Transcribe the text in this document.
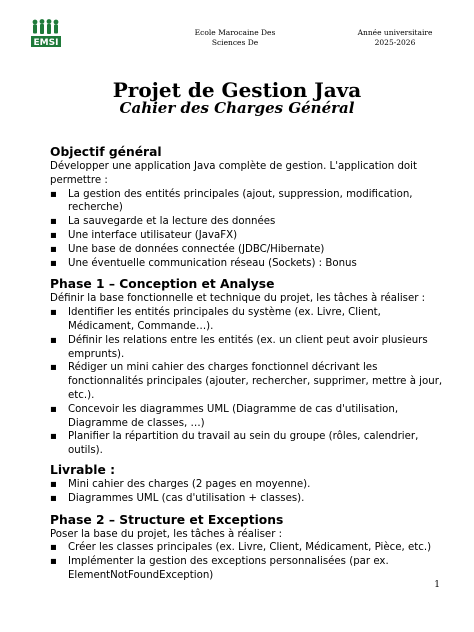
EMSI
Ecole Marocaine Des
Sciences De
Année universitaire
2025-2026
Projet de Gestion Java
Cahier des Charges Général
Objectif général
Développer une application Java complète de gestion. L'application doit permettre :
▪ La gestion des entités principales (ajout, suppression, modification, recherche)
▪ La sauvegarde et la lecture des données
▪ Une interface utilisateur (JavaFX)
▪ Une base de données connectée (JDBC/Hibernate)
▪ Une éventuelle communication réseau (Sockets) : Bonus
Phase 1 – Conception et Analyse
Définir la base fonctionnelle et technique du projet, les tâches à réaliser :
▪ Identifier les entités principales du système (ex. Livre, Client, Médicament, Commande…).
▪ Définir les relations entre les entités (ex. un client peut avoir plusieurs emprunts).
▪ Rédiger un mini cahier des charges fonctionnel décrivant les fonctionnalités principales (ajouter, rechercher, supprimer, mettre à jour, etc.).
▪ Concevoir les diagrammes UML (Diagramme de cas d'utilisation, Diagramme de classes, …)
▪ Planifier la répartition du travail au sein du groupe (rôles, calendrier, outils).
Livrable :
▪ Mini cahier des charges (2 pages en moyenne).
▪ Diagrammes UML (cas d'utilisation + classes).
Phase 2 – Structure et Exceptions
Poser la base du projet, les tâches à réaliser :
▪ Créer les classes principales (ex. Livre, Client, Médicament, Pièce, etc.)
▪ Implémenter la gestion des exceptions personnalisées (par ex. ElementNotFoundException)
1
